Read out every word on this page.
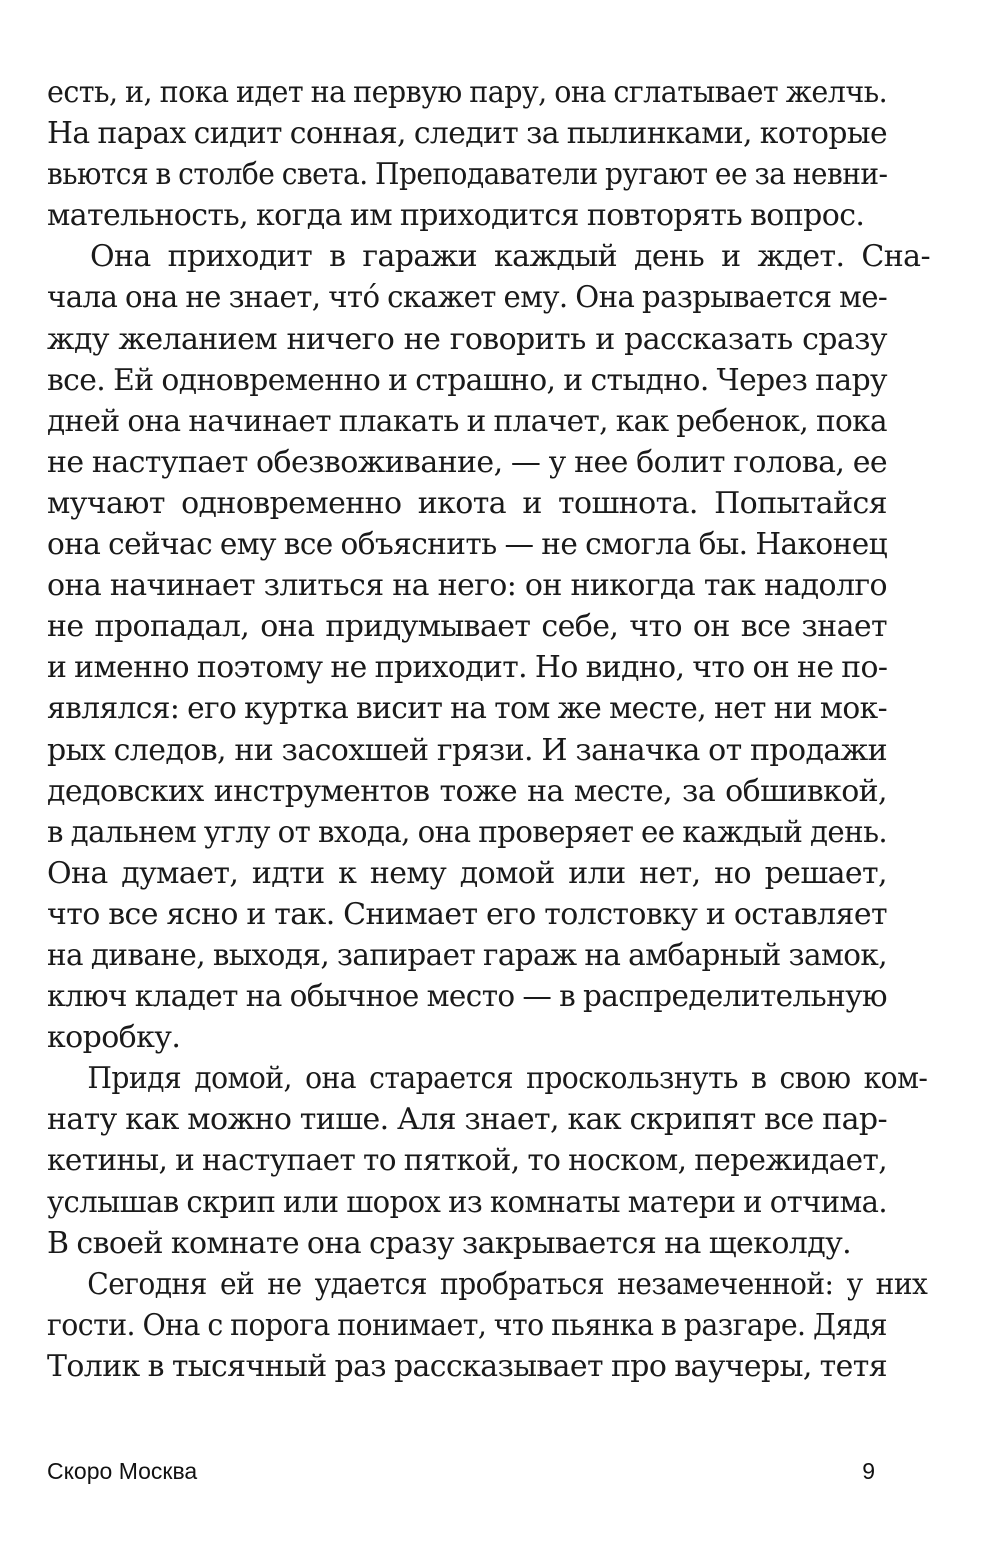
есть, и, пока идет на первую пару, она сглатывает желчь.
На парах сидит сонная, следит за пылинками, которые
вьются в столбе света. Преподаватели ругают ее за невни-
мательность, когда им приходится повторять вопрос.
Она приходит в гаражи каждый день и ждет. Сна-
чала она не знает, что́ скажет ему. Она разрывается ме-
жду желанием ничего не говорить и рассказать сразу
все. Ей одновременно и страшно, и стыдно. Через пару
дней она начинает плакать и плачет, как ребенок, пока
не наступает обезвоживание, — у нее болит голова, ее
мучают одновременно икота и тошнота. Попытайся
она сейчас ему все объяснить — не смогла бы. Наконец
она начинает злиться на него: он никогда так надолго
не пропадал, она придумывает себе, что он все знает
и именно поэтому не приходит. Но видно, что он не по-
являлся: его куртка висит на том же месте, нет ни мок-
рых следов, ни засохшей грязи. И заначка от продажи
дедовских инструментов тоже на месте, за обшивкой,
в дальнем углу от входа, она проверяет ее каждый день.
Она думает, идти к нему домой или нет, но решает,
что все ясно и так. Снимает его толстовку и оставляет
на диване, выходя, запирает гараж на амбарный замок,
ключ кладет на обычное место — в распределительную
коробку.
Придя домой, она старается проскользнуть в свою ком-
нату как можно тише. Аля знает, как скрипят все пар-
кетины, и наступает то пяткой, то носком, пережидает,
услышав скрип или шорох из комнаты матери и отчима.
В своей комнате она сразу закрывается на щеколду.
Сегодня ей не удается пробраться незамеченной: у них
гости. Она с порога понимает, что пьянка в разгаре. Дядя
Толик в тысячный раз рассказывает про ваучеры, тетя
Скоро Москва	9
